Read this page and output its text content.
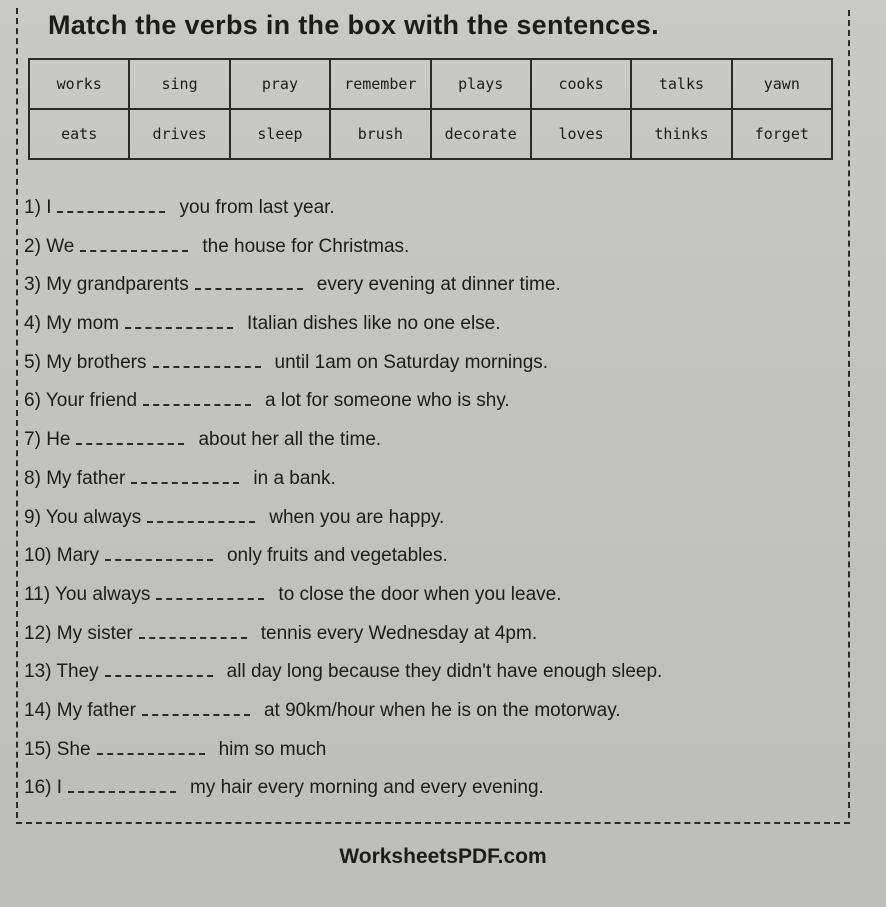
Match the verbs in the box with the sentences.
works	sing	pray	remember	plays	cooks	talks	yawn
eats	drives	sleep	brush	decorate	loves	thinks	forget
1) I	you from last year.
2) We	the house for Christmas.
3) My grandparents	every evening at dinner time.
4) My mom	Italian dishes like no one else.
5) My brothers	until 1am on Saturday mornings.
6) Your friend	a lot for someone who is shy.
7) He	about her all the time.
8) My father	in a bank.
9) You always	when you are happy.
10) Mary	only fruits and vegetables.
11) You always	to close the door when you leave.
12) My sister	tennis every Wednesday at 4pm.
13) They	all day long because they didn't have enough sleep.
14) My father	at 90km/hour when he is on the motorway.
15) She	him so much
16) I	my hair every morning and every evening.
WorksheetsPDF.com
